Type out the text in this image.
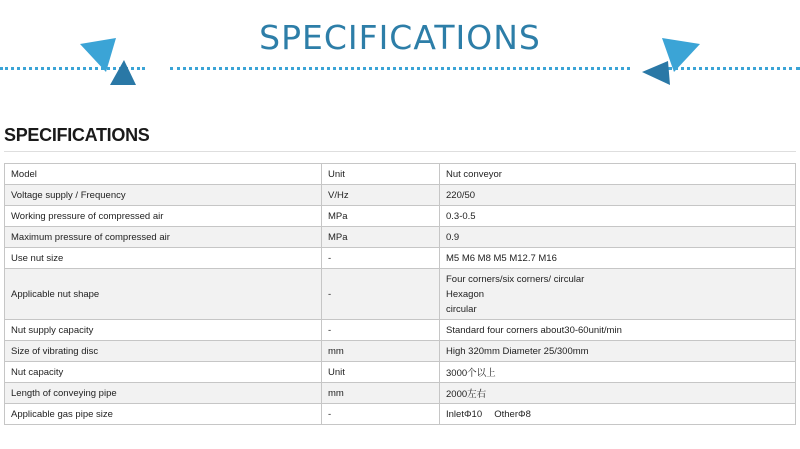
SPECIFICATIONS
SPECIFICATIONS
Model	Unit	Nut conveyor
Voltage supply / Frequency	V/Hz	220/50
Working pressure of compressed air	MPa	0.3-0.5
Maximum pressure of compressed air	MPa	0.9
Use nut size	-	M5 M6 M8 M5 M12.7 M16
Applicable nut shape	-	Four corners/six corners/ circular
Hexagon
circular

Nut supply capacity	-	Standard four corners about30-60unit/min
Size of vibrating disc	mm	High 320mm Diameter 25/300mm
Nut capacity	Unit	3000个以上
Length of conveying pipe	mm	2000左右
Applicable gas pipe size	-	InletΦ10  OtherΦ8
